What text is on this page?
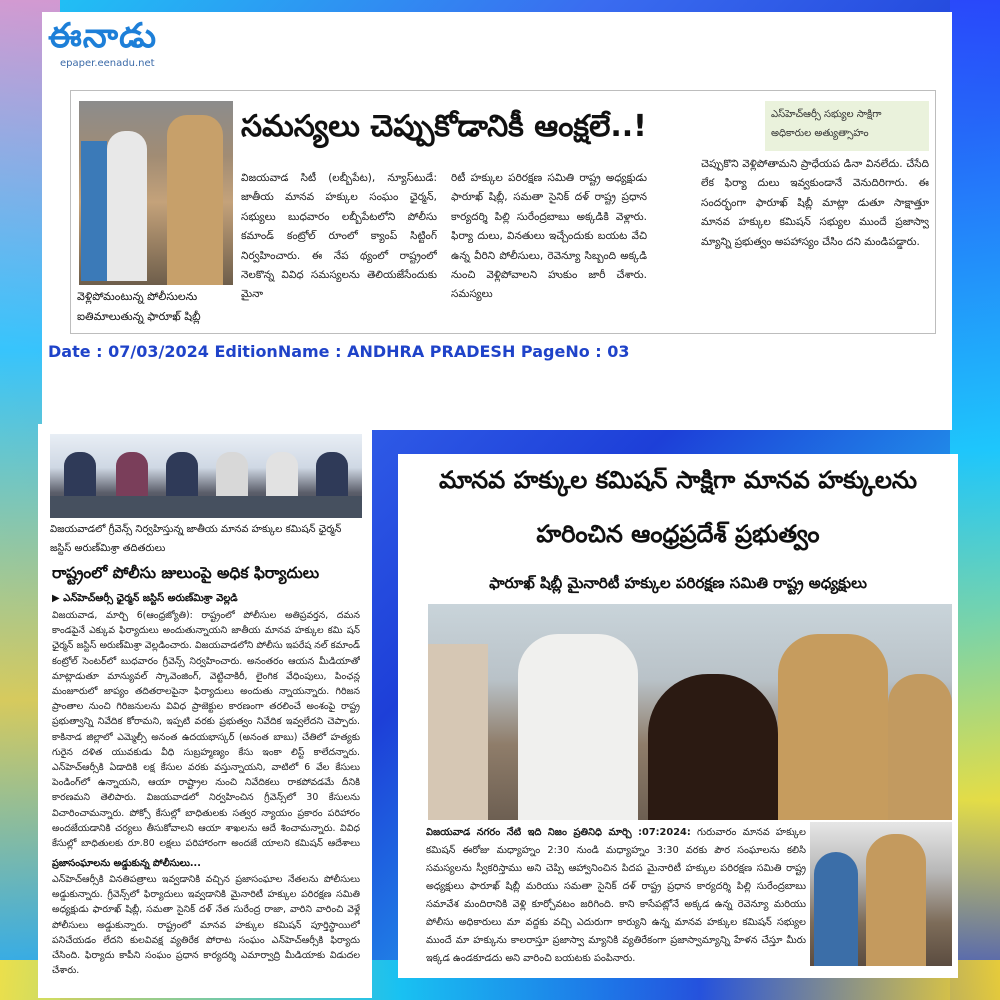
ఈనాడు
epaper.eenadu.net
వెళ్లిపోమంటున్న పోలీసులను ఐతిమాలుతున్న ఫారూఖ్ షిబ్లీ
సమస్యలు చెప్పుకోడానికీ ఆంక్షలే..!	ఎస్‌హెచ్‌ఆర్సీ సభ్యుల సాక్షిగా అధికారుల అత్యుత్సాహం
విజయవాడ సిటీ (లబ్బీపేట), న్యూస్‌టుడే: జాతీయ మానవ హక్కుల సంఘం ఛైర్మన్, సభ్యులు బుధవారం లబ్బీపేటలోని పోలీసు కమాండ్ కంట్రోల్ రూంలో క్యాంప్ సిట్టింగ్ నిర్వహించారు. ఈ నేప థ్యంలో రాష్ట్రంలో నెలకొన్న వివిధ సమస్యలను తెలియజేసేందుకు మైనా
రిటీ హక్కుల పరిరక్షణ సమితి రాష్ట్ర అధ్యక్షుడు ఫారూఖ్ షిబ్లీ, సమతా సైనిక్ దళ్ రాష్ట్ర ప్రధాన కార్యదర్శి పిల్లి సురేంద్రబాబు అక్కడికి వెళ్లారు. ఫిర్యా దులు, వినతులు ఇచ్చేందుకు బయట వేచి ఉన్న వీరిని పోలీసులు, రెవెన్యూ సిబ్బంది అక్కడి నుంచి వెళ్లిపోవాలని హుకుం జారీ చేశారు. సమస్యలు
చెప్పుకొని వెళ్లిపోతామని ప్రాధేయప డినా వినలేదు. చేసేది లేక ఫిర్యా దులు ఇవ్వకుండానే వెనుదిరిగారు. ఈ సందర్భంగా ఫారూఖ్ షిబ్లీ మాట్లా డుతూ సాక్షాత్తూ మానవ హక్కుల కమిషన్ సభ్యుల ముందే ప్రజాస్వా మ్యాన్ని ప్రభుత్వం అపహాస్యం చేసిం దని మండిపడ్డారు.
Date : 07/03/2024 EditionName : ANDHRA PRADESH PageNo : 03
విజయవాడలో గ్రీవెన్స్ నిర్వహిస్తున్న జాతీయ మానవ హక్కుల కమిషన్ ఛైర్మన్ జస్టిస్ అరుణ్‌మిశ్రా తదితరులు
రాష్ట్రంలో పోలీసు జులుంపై అధిక ఫిర్యాదులు
▶ ఎన్‌హెచ్‌ఆర్సీ ఛైర్మన్ జస్టిస్ అరుణ్‌మిశ్రా వెల్లడి
విజయవాడ, మార్చి 6(ఆంధ్రజ్యోతి): రాష్ట్రంలో పోలీసుల అతిప్రవర్తన, దమన కాండపైనే ఎక్కువ ఫిర్యాదులు అందుతున్నాయని జాతీయ మానవ హక్కుల కమి షన్ ఛైర్మన్ జస్టిస్ అరుణ్‌మిశ్రా వెల్లడించారు. విజయవాడలోని పోలీసు ఇపరేష నల్ కమాండ్ కంట్రోల్ సెంటర్‌లో బుధవారం గ్రీవెన్స్ నిర్వహించారు. అనంతరం ఆయన మీడియాతో మాట్లాడుతూ మాన్యువల్ స్కావెంజింగ్, వెట్టిచాకిరీ, లైంగిక వేధింపులు, పింఛన్ల మంజూరులో జాప్యం తదితరాలపైనా ఫిర్యాదులు అందుతు న్నాయన్నారు. గిరిజన ప్రాంతాల నుంచి గిరిజనులను వివిధ ప్రాజెక్టుల కారణంగా తరలించే అంశంపై రాష్ట్ర ప్రభుత్వాన్ని నివేదిక కోరామని, ఇప్పటి వరకు ప్రభుత్వం నివేదిక ఇవ్వలేదని చెప్పారు. కాకినాడ జిల్లాలో ఎమ్మెల్సీ అనంత ఉదయభాస్కర్ (అనంత బాబు) చేతిలో హత్యకు గురైన దళిత యువకుడు వీధి సుబ్రహ్మణ్యం కేసు ఇంకా లిస్ట్ కాలేదన్నారు. ఎన్‌హెచ్‌ఆర్సీకి ఏడాదికి లక్ష కేసుల వరకు వస్తున్నాయని, వాటిలో 6 వేల కేసులు పెండింగ్‌లో ఉన్నాయని, ఆయా రాష్ట్రాల నుంచి నివేదికలు రాకపోవడమే దీనికి కారణమని తెలిపారు. విజయవాడలో నిర్వహించిన గ్రీవెన్స్‌లో 30 కేసులను విచారించామన్నారు. పోక్సో కేసుల్లో బాధితులకు సత్వర న్యాయం ప్రకారం పరిహారం అందజేయడానికి చర్యలు తీసుకోవాలని ఆయా శాఖలను ఆదే శించామన్నారు. వివిధ కేసుల్లో బాధితులకు రూ.80 లక్షలు పరిహారంగా అందజే యాలని కమిషన్ ఆదేశాలు
ప్రజాసంఘాలను అడ్డుకున్న పోలీసులు...
ఎన్‌హెచ్‌ఆర్సీకి వినతిపత్రాలు ఇవ్వడానికి వచ్చిన ప్రజాసంఘాల నేతలను పోలీసులు అడ్డుకున్నారు. గ్రీవెన్స్‌లో ఫిర్యాదులు ఇవ్వడానికి మైనారిటీ హక్కుల పరిరక్షణ సమితి అధ్యక్షుడు ఫారూఖ్ షిబ్లీ, సమతా సైనిక్ దళ్ నేత సురేంద్ర రాజా, వారిని వారించి వెళ్లే పోలీసులు అడ్డుకున్నారు. రాష్ట్రంలో మానవ హక్కుల కమిషన్ పూర్తిస్థాయిలో పనిచేయడం లేదని కులవివక్ష వ్యతిరేక పోరాట సంఘం ఎన్‌హెచ్‌ఆర్సీకి ఫిర్యాదు చేసింది. ఫిర్యాదు కాపీని సంఘం ప్రధాన కార్యదర్శి ఎమార్వాద్రి మీడియాకు విడుదల చేశారు.
మానవ హక్కుల కమిషన్ సాక్షిగా మానవ హక్కులను
హరించిన ఆంధ్రప్రదేశ్ ప్రభుత్వం
ఫారూఖ్ షిబ్లీ మైనారిటీ హక్కుల పరిరక్షణ సమితి రాష్ట్ర అధ్యక్షులు
విజయవాడ నగరం నేటి ఇది నిజం ప్రతినిధి మార్చి :07:2024: గురువారం మానవ హక్కుల కమిషన్ ఈరోజు మధ్యాహ్నం 2:30 నుండి మధ్యాహ్నం 3:30 వరకు పౌర సంఘాలను కలిసి సమస్యలను స్వీకరిస్తాము అని చెప్పి ఆహ్వానించిన పిదప మైనారిటీ హక్కుల పరిరక్షణ సమితి రాష్ట్ర అధ్యక్షులు ఫారూఖ్ షిబ్లీ మరియు సమతా సైనిక్ దళ్ రాష్ట్ర ప్రధాన కార్యదర్శి పిల్లి సురేంద్రబాబు సమావేశ మందిరానికి వెళ్లి కూర్చోవటం జరిగింది. కాని కాసేపట్లోనే అక్కడ ఉన్న రెవెన్యూ మరియు పోలీసు అధికారులు మా వద్దకు వచ్చి ఎదురుగా కార్యుని ఉన్న మానవ హక్కుల కమిషన్ సభ్యుల ముందే మా హక్కును కాలరాస్తూ ప్రజాస్వా మ్యానికి వ్యతిరేకంగా ప్రజాస్వామ్యాన్ని హేళన చేస్తూ మీరు ఇక్కడ ఉండకూడదు అని వారించి బయటకు పంపినారు.
